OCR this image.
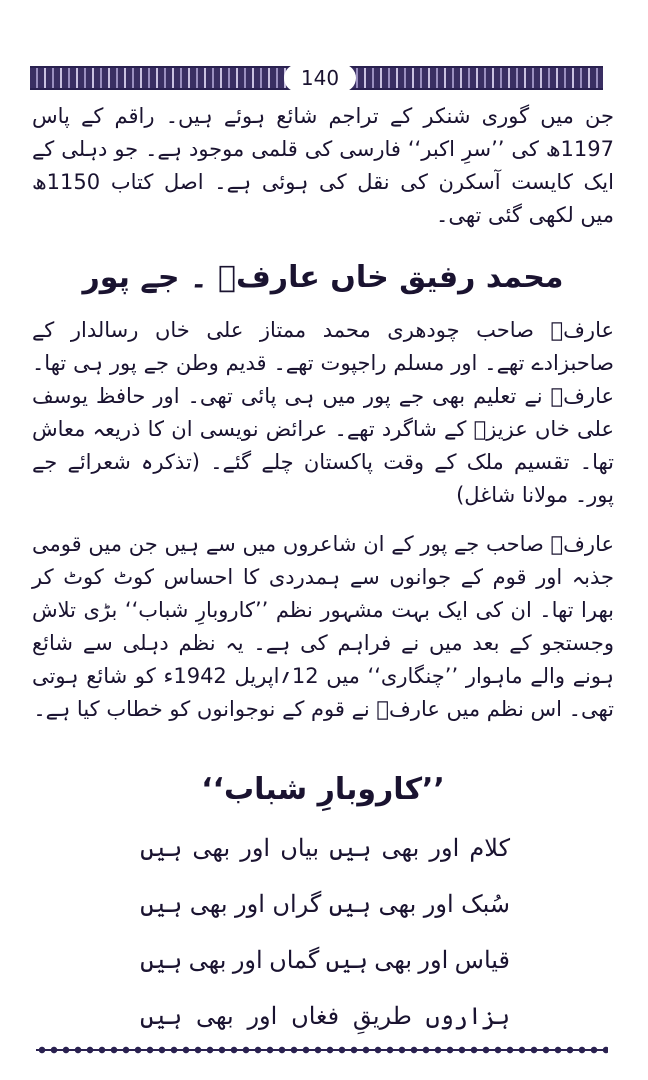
140
جن میں گوری شنکر کے تراجم شائع ہوئے ہیں۔ راقم کے پاس 1197ھ کی ’’سرِ اکبر‘‘ فارسی کی قلمی موجود ہے۔ جو دہلی کے ایک کایست آسکرن کی نقل کی ہوئی ہے۔ اصل کتاب 1150ھ میں لکھی گئی تھی۔
محمد رفیق خاں عارفؔ ۔ جے پور
عارفؔ صاحب چودھری محمد ممتاز علی خاں رسالدار کے صاحبزادے تھے۔ اور مسلم راجپوت تھے۔ قدیم وطن جے پور ہی تھا۔ عارفؔ نے تعلیم بھی جے پور میں ہی پائی تھی۔ اور حافظ یوسف علی خاں عزیزؔ کے شاگرد تھے۔ عرائض نویسی ان کا ذریعہ معاش تھا۔ تقسیم ملک کے وقت پاکستان چلے گئے۔ (تذکرہ شعرائے جے پور۔ مولانا شاغل)
عارفؔ صاحب جے پور کے ان شاعروں میں سے ہیں جن میں قومی جذبہ اور قوم کے جوانوں سے ہمدردی کا احساس کوٹ کوٹ کر بھرا تھا۔ ان کی ایک بہت مشہور نظم ’’کاروبارِ شباب‘‘ بڑی تلاش وجستجو کے بعد میں نے فراہم کی ہے۔ یہ نظم دہلی سے شائع ہونے والے ماہوار ’’چنگاری‘‘ میں 12؍اپریل 1942ء کو شائع ہوتی تھی۔ اس نظم میں عارفؔ نے قوم کے نوجوانوں کو خطاب کیا ہے۔
’’کاروبارِ شباب‘‘
کلام
اور
بھی
ہیں
بیاں
اور
بھی
ہیں
سُبک
اور
بھی
ہیں
گراں
اور
بھی
ہیں
قیاس
اور
بھی
ہیں
گماں
اور
بھی
ہیں
ہزاروں
طریقِ
فغاں
اور
بھی
ہیں
